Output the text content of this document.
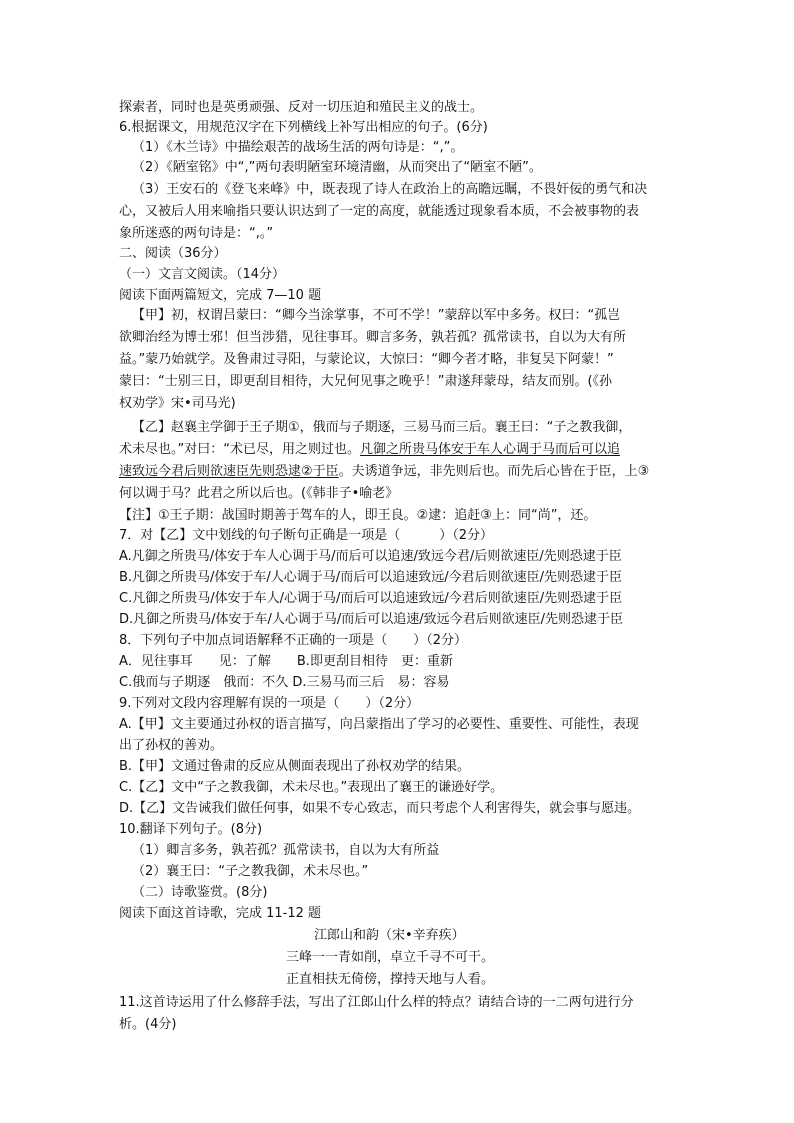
探索者，同时也是英勇顽强、反对一切压迫和殖民主义的战士。
6.根据课文，用规范汉字在下列横线上补写出相应的句子。(6分)
（1）《木兰诗》中描绘艰苦的战场生活的两句诗是：“,”。
（2）《陋室铭》中“,”两句表明陋室环境清幽，从而突出了“陋室不陋”。
（3）王安石的《登飞来峰》中，既表现了诗人在政治上的高瞻远瞩，不畏奸佞的勇气和决
心，又被后人用来喻指只要认识达到了一定的高度，就能透过现象看本质，不会被事物的表
象所迷惑的两句诗是：“,。”
二、阅读（36分）
（一）文言文阅读。（14分）
阅读下面两篇短文，完成 7—10 题
【甲】初，权谓吕蒙曰：“卿今当涂掌事，不可不学！”蒙辞以军中多务。权曰：“孤岂
欲卿治经为博士邪！但当涉猎，见往事耳。卿言多务，孰若孤？孤常读书，自以为大有所
益。”蒙乃始就学。及鲁肃过寻阳，与蒙论议，大惊曰：“卿今者才略，非复吴下阿蒙！”
蒙曰：“士别三日，即更刮目相待，大兄何见事之晚乎！”肃遂拜蒙母，结友而别。(《孙
权劝学》宋•司马光)
【乙】赵襄主学御于王子期①，俄而与子期逐，三易马而三后。襄王曰：“子之教我御，
术未尽也。”对曰：“术已尽，用之则过也。凡御之所贵马体安于车人心调于马而后可以追
速致远今君后则欲速臣先则恐逮②于臣。夫诱道争远，非先则后也。而先后心皆在于臣，上③
何以调于马？此君之所以后也。(《韩非子•喻老》
【注】①王子期：战国时期善于驾车的人，即王良。②逮：追赶③上：同“尚”，还。
7．对【乙】文中划线的句子断句正确是一项是（　　　）（2分）
A.凡御之所贵马/体安于车人心调于马/而后可以追速/致远今君/后则欲速臣/先则恐逮于臣
B.凡御之所贵马/体安于车/人心调于马/而后可以追速致远/今君后则欲速臣/先则恐逮于臣
C.凡御之所贵马/体安于车人/心调于马/而后可以追速致远/今君后则欲速臣/先则恐逮于臣
D.凡御之所贵马/体安于车/人心调于马/而后可以追速/致远今君后则欲速臣/先则恐逮于臣
8．下列句子中加点词语解释不正确的一项是（　　）（2分）
A．见往事耳　　见：了解　　B.即更刮目相待　更：重新
C.俄而与子期逐　俄而：不久 D.三易马而三后　易：容易
9.下列对文段内容理解有误的一项是（　　）（2分）
A.【甲】文主要通过孙权的语言描写，向吕蒙指出了学习的必要性、重要性、可能性，表现
出了孙权的善劝。
B.【甲】文通过鲁肃的反应从侧面表现出了孙权劝学的结果。
C.【乙】文中“子之教我御，术未尽也。”表现出了襄王的谦逊好学。
D.【乙】文告诫我们做任何事，如果不专心致志，而只考虑个人利害得失，就会事与愿违。
10.翻译下列句子。(8分)
（1）卿言多务，孰若孤？孤常读书，自以为大有所益
（2）襄王曰：“子之教我御，术未尽也。”
（二）诗歌鉴赏。(8分)
阅读下面这首诗歌，完成 11-12 题
江郎山和韵（宋•辛弃疾）
三峰一一青如削，卓立千寻不可干。
正直相扶无倚傍，撑持天地与人看。
11.这首诗运用了什么修辞手法，写出了江郎山什么样的特点？请结合诗的一二两句进行分
析。(4分)
